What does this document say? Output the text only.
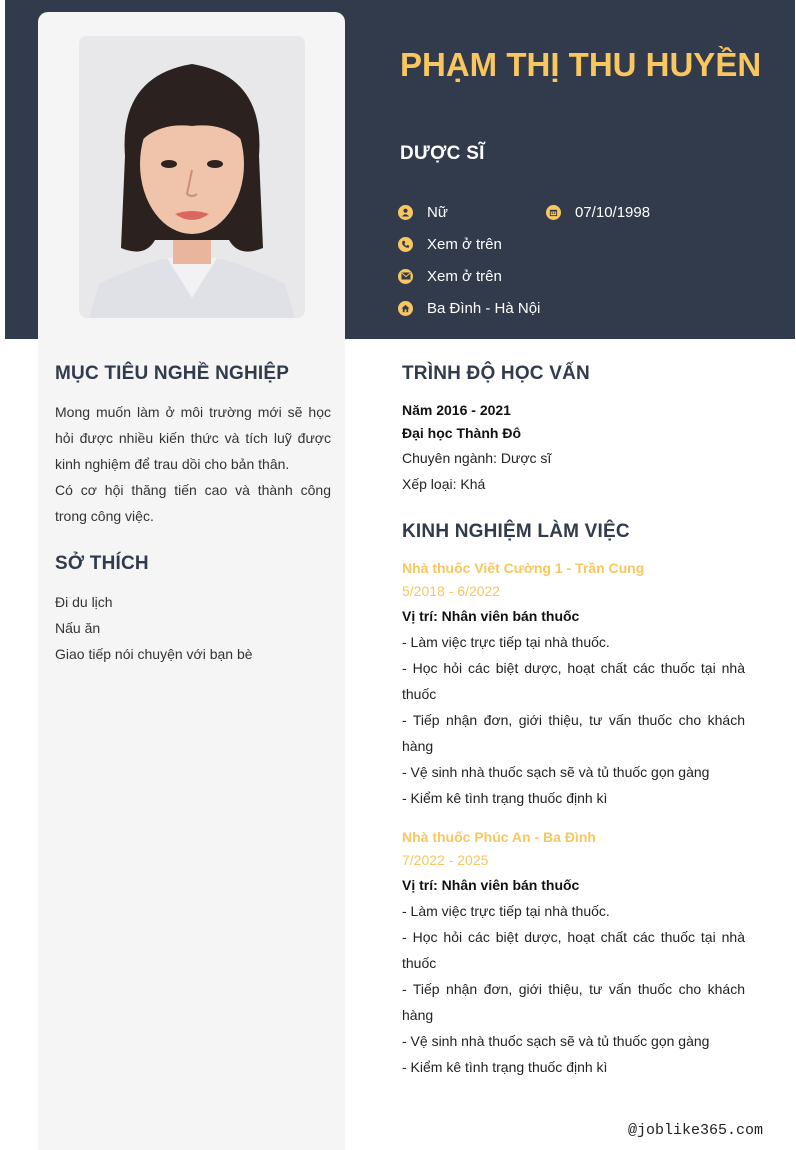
PHẠM THỊ THU HUYỀN

DƯỢC SĨ

Nữ	07/10/1998
Xem ở trên
Xem ở trên
Ba Đình - Hà Nội
MỤC TIÊU NGHỀ NGHIỆP

Mong muốn làm ở môi trường mới sẽ học hỏi được nhiều kiến thức và tích luỹ được kinh nghiệm để trau dồi cho bản thân.

Có cơ hội thăng tiến cao và thành công trong công việc.

SỞ THÍCH
Đi du lịch
Nấu ăn
Giao tiếp nói chuyện với bạn bè
TRÌNH ĐỘ HỌC VẤN
Năm 2016 - 2021
Đại học Thành Đô
Chuyên ngành: Dược sĩ
Xếp loại: Khá
KINH NGHIỆM LÀM VIỆC
Nhà thuốc Viết Cường 1 - Trần Cung
5/2018 - 6/2022
Vị trí: Nhân viên bán thuốc

- Làm việc trực tiếp tại nhà thuốc.

- Học hỏi các biệt dược, hoạt chất các thuốc tại nhà thuốc

- Tiếp nhận đơn, giới thiệu, tư vấn thuốc cho khách hàng

- Vệ sinh nhà thuốc sạch sẽ và tủ thuốc gọn gàng

- Kiểm kê tình trạng thuốc định kì

Nhà thuốc Phúc An - Ba Đình
7/2022 - 2025
Vị trí: Nhân viên bán thuốc

- Làm việc trực tiếp tại nhà thuốc.

- Học hỏi các biệt dược, hoạt chất các thuốc tại nhà thuốc

- Tiếp nhận đơn, giới thiệu, tư vấn thuốc cho khách hàng

- Vệ sinh nhà thuốc sạch sẽ và tủ thuốc gọn gàng

- Kiểm kê tình trạng thuốc định kì

@joblike365.com
